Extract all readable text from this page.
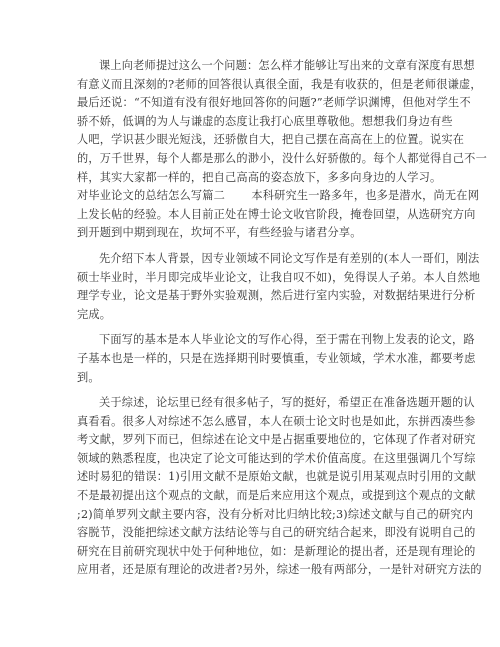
课上向老师提过这么一个问题：怎么样才能够让写出来的文章有深度有思想
有意义而且深刻的?老师的回答很认真很全面，我是有收获的，但是老师很谦虚，
最后还说：“不知道有没有很好地回答你的问题?”老师学识渊博，但他对学生不
骄不娇，低调的为人与谦虚的态度让我打心底里尊敬他。想想我们身边有些
人吧，学识甚少眼光短浅，还骄傲自大，把自己摆在高高在上的位置。说实在
的，万千世界，每个人都是那么的渺小，没什么好骄傲的。每个人都觉得自己不一
样，其实大家都一样的，把自己高高的姿态放下，多多向身边的人学习。
对毕业论文的总结怎么写篇二       本科研究生一路多年，也多是潜水，尚无在网
上发长帖的经验。本人目前正处在博士论文收官阶段，掩卷回望，从选研究方向
到开题到中期到现在，坎坷不平，有些经验与诸君分享。
先介绍下本人背景，因专业领域不同论文写作是有差别的(本人一哥们，刚法
硕士毕业时，半月即完成毕业论文，让我自叹不如)，免得误人子弟。本人自然地
理学专业，论文是基于野外实验观测，然后进行室内实验，对数据结果进行分析
完成。
下面写的基本是本人毕业论文的写作心得，至于需在刊物上发表的论文，路
子基本也是一样的，只是在选择期刊时要慎重，专业领域，学术水准，都要考虑
到。
关于综述，论坛里已经有很多帖子，写的挺好，希望正在准备选题开题的认
真看看。很多人对综述不怎么感冒，本人在硕士论文时也是如此，东拼西凑些参
考文献，罗列下而已，但综述在论文中是占据重要地位的，它体现了作者对研究
领域的熟悉程度，也决定了论文可能达到的学术价值高度。在这里强调几个写综
述时易犯的错误：1)引用文献不是原始文献，也就是说引用某观点时引用的文献
不是最初提出这个观点的文献，而是后来应用这个观点，或提到这个观点的文献
;2)简单罗列文献主要内容，没有分析对比归纳比较;3)综述文献与自己的研究内
容脱节，没能把综述文献方法结论等与自己的研究结合起来，即没有说明自己的
研究在目前研究现状中处于何种地位，如：是新理论的提出者，还是现有理论的
应用者，还是原有理论的改进者?另外，综述一般有两部分，一是针对研究方法的
